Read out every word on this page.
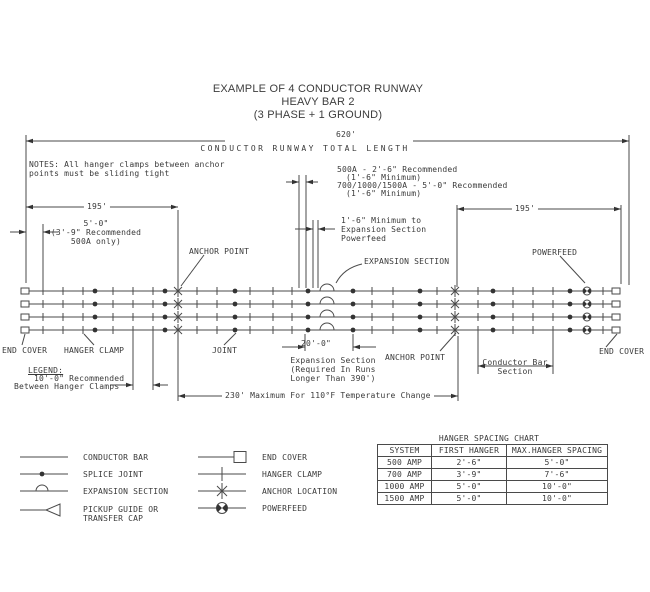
EXAMPLE OF 4 CONDUCTOR RUNWAY
HEAVY BAR 2
(3 PHASE + 1 GROUND)
620'
CONDUCTOR RUNWAY TOTAL LENGTH
NOTES: All hanger clamps between anchor
points must be sliding tight
195'	195'
5'-0"
(3'-9" Recommended
500A only)
500A - 2'-6" Recommended
(1'-6" Minimum)
700/1000/1500A - 5'-0" Recommended
(1'-6" Minimum)
1'-6" Minimum to
Expansion Section
Powerfeed
ANCHOR POINT
EXPANSION SECTION
POWERFEED
END COVER HANGER CLAMP	JOINT
ANCHOR POINT
END COVER
20'-0"
Expansion Section
(Required In Runs
Longer Than 390')
Conductor Bar
Section
LEGEND:
10'-0" Recommended
Between Hanger Clamps
230' Maximum For 110°F Temperature Change
CONDUCTOR BAR
SPLICE JOINT
EXPANSION SECTION
PICKUP GUIDE OR
TRANSFER CAP
END COVER
HANGER CLAMP
ANCHOR LOCATION
POWERFEED
HANGER SPACING CHART
SYSTEM	FIRST HANGER	MAX.HANGER SPACING
500 AMP	2'-6"	5'-0"
700 AMP	3'-9"	7'-6"
1000 AMP	5'-0"	10'-0"
1500 AMP	5'-0"	10'-0"
